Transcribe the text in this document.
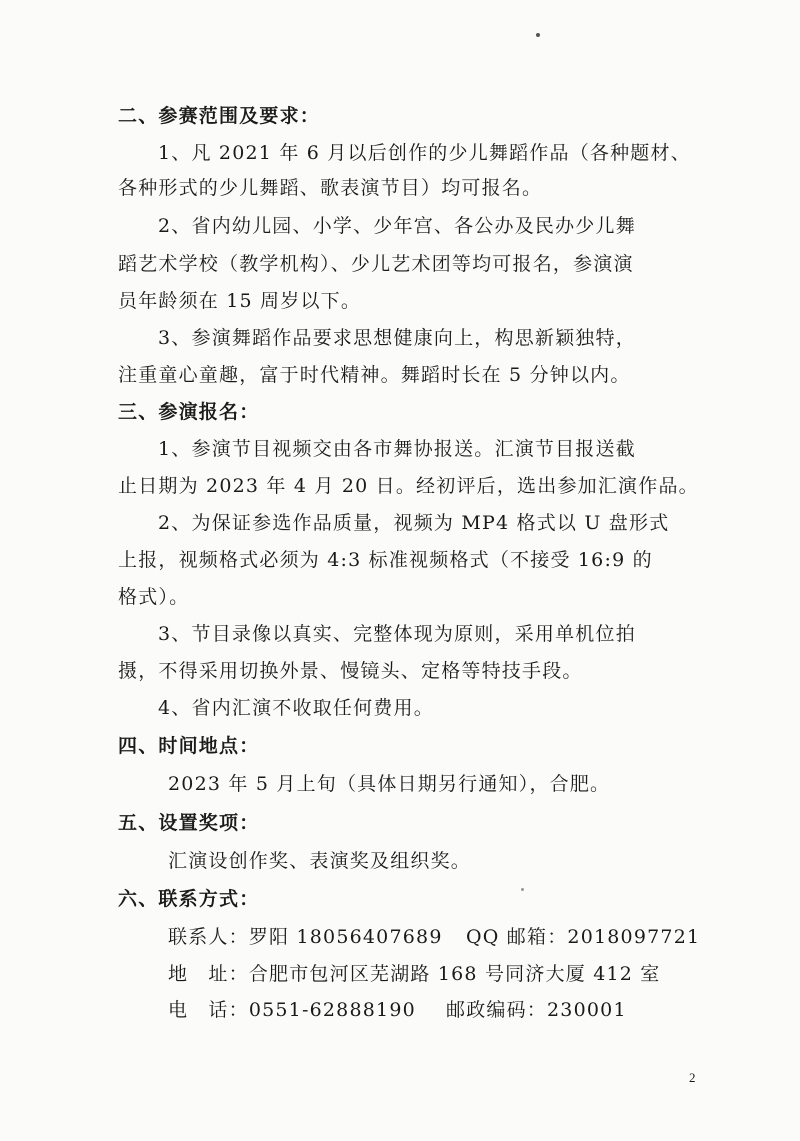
二、参赛范围及要求：
1、凡 2021 年 6 月以后创作的少儿舞蹈作品（各种题材、
各种形式的少儿舞蹈、歌表演节目）均可报名。
2、省内幼儿园、小学、少年宫、各公办及民办少儿舞
蹈艺术学校（教学机构）、少儿艺术团等均可报名，参演演
员年龄须在 15 周岁以下。
3、参演舞蹈作品要求思想健康向上，构思新颖独特，
注重童心童趣，富于时代精神。舞蹈时长在 5 分钟以内。
三、参演报名：
1、参演节目视频交由各市舞协报送。汇演节目报送截
止日期为 2023 年 4 月 20 日。经初评后，选出参加汇演作品。
2、为保证参选作品质量，视频为 MP4 格式以 U 盘形式
上报，视频格式必须为 4:3 标准视频格式（不接受 16:9 的
格式）。
3、节目录像以真实、完整体现为原则，采用单机位拍
摄，不得采用切换外景、慢镜头、定格等特技手段。
4、省内汇演不收取任何费用。
四、时间地点：
2023 年 5 月上旬（具体日期另行通知），合肥。
五、设置奖项：
汇演设创作奖、表演奖及组织奖。
六、联系方式：
联系人：罗阳 18056407689 QQ 邮箱：2018097721
地　址：合肥市包河区芜湖路 168 号同济大厦 412 室
电　话：0551-62888190 邮政编码：230001
2
